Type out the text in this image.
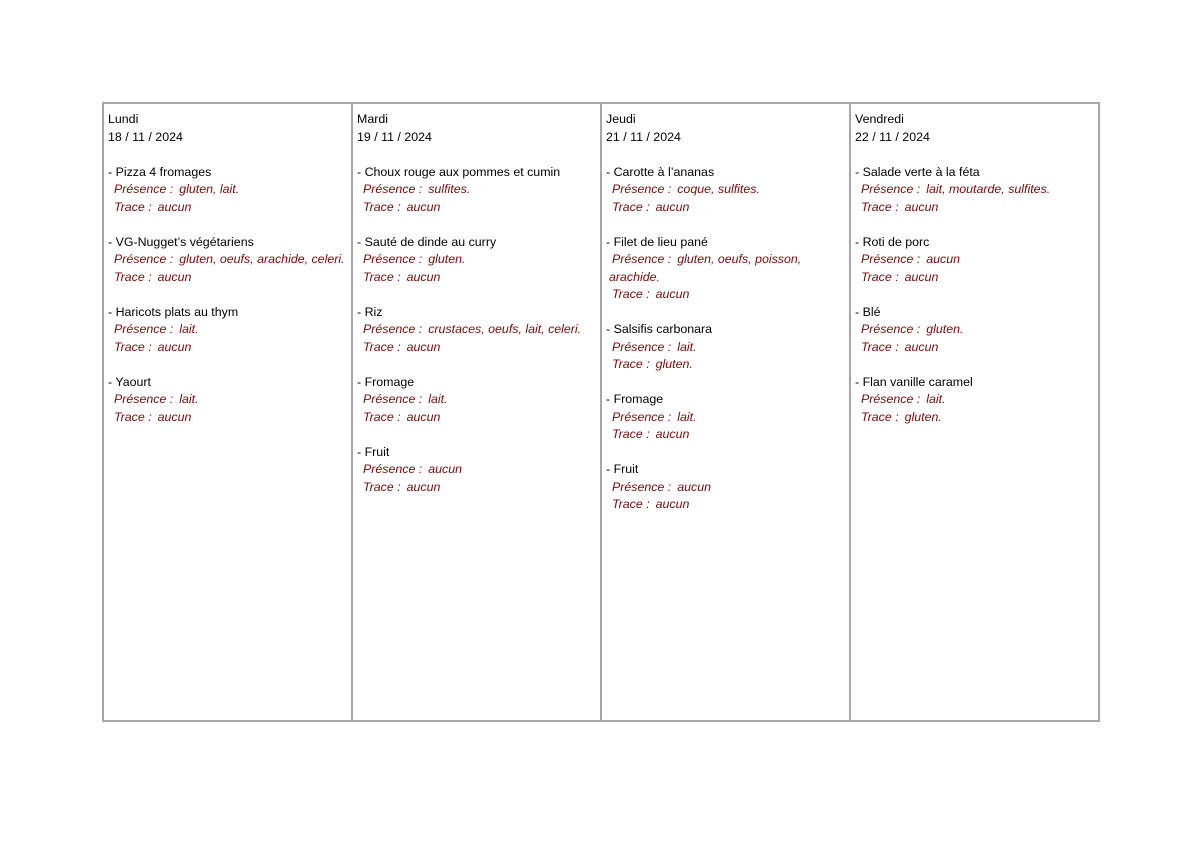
Lundi
18 / 11 / 2024
- Pizza 4 fromages
Présence : gluten, lait.
Trace : aucun
- VG-Nugget’s végétariens
Présence : gluten, oeufs, arachide, celeri.
Trace : aucun
- Haricots plats au thym
Présence : lait.
Trace : aucun
- Yaourt
Présence : lait.
Trace : aucun
Mardi
19 / 11 / 2024
- Choux rouge aux pommes et cumin
Présence : sulfites.
Trace : aucun
- Sauté de dinde au curry
Présence : gluten.
Trace : aucun
- Riz
Présence : crustaces, oeufs, lait, celeri.
Trace : aucun
- Fromage
Présence : lait.
Trace : aucun
- Fruit
Présence : aucun
Trace : aucun
Jeudi
21 / 11 / 2024
- Carotte à l’ananas
Présence : coque, sulfites.
Trace : aucun
- Filet de lieu pané
Présence : gluten, oeufs, poisson, arachide.
Trace : aucun
- Salsifis carbonara
Présence : lait.
Trace : gluten.
- Fromage
Présence : lait.
Trace : aucun
- Fruit
Présence : aucun
Trace : aucun
Vendredi
22 / 11 / 2024
- Salade verte à la féta
Présence : lait, moutarde, sulfites.
Trace : aucun
- Roti de porc
Présence : aucun
Trace : aucun
- Blé
Présence : gluten.
Trace : aucun
- Flan vanille caramel
Présence : lait.
Trace : gluten.
